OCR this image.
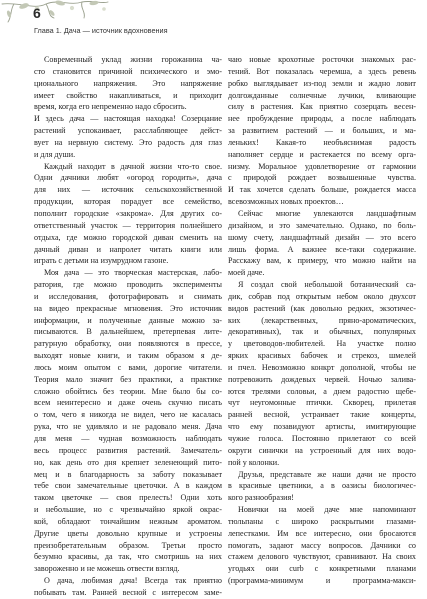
6
Глава 1. Дача — источник вдохновения
Современный уклад жизни горожанина ча-
сто становится причиной психического и эмо-
ционального напряжения. Это напряжение
имеет свойство накапливаться, и приходит
время, когда его непременно надо сбросить.
И здесь дача — настоящая находка! Созерцание
растений успокаивает, расслабляющее дейст-
вует на нервную систему. Это радость для глаз
и для души.
Каждый находит в дачной жизни что-то свое.
Одни дачники любят «огород городить», дача
для них — источник сельскохозяйственной
продукции, которая порадует все семейство,
пополнит городские «закрома». Для других со-
ответственный участок — территория полнейшего
отдыха, где можно городской диван сменить на
дачный диван и напролет читать книги или
играть с детьми на изумрудном газоне.
Моя дача — это творческая мастерская, лабо-
ратория, где можно проводить эксперименты
и исследования, фотографировать и снимать
на видео прекрасные мгновения. Это источник
информации, и полученные данные можно за-
писываются. В дальнейшем, претерпевая лите-
ратурную обработку, они появляются в прессе,
выходят новые книги, и таким образом я де-
люсь моим опытом с вами, дорогие читатели.
Теория мало значит без практики, а практике
сложно обойтись без теории. Мне было бы со-
всем неинтересно и даже очень скучно писать
о том, чего я никогда не видел, чего не касалась
рука, что не удивляло и не радовало меня. Дача
для меня — чудная возможность наблюдать
весь процесс развития растений. Замечатель-
но, как день ото дня крепнет зеленеющий пито-
мец и в благодарность за заботу показывает
тебе свои замечательные цветочки. А в каждом
таком цветочке — своя прелесть! Одни хоть
и небольшие, но с чрезвычайно яркой окрас-
кой, обладают тончайшим нежным ароматом.
Другие цветы довольно крупные и устроены
преизобретательным образом. Третьи просто
безумно красивы, да так, что смотришь на них
завороженно и не можешь отвести взгляд.
О дача, любимая дача! Всегда так приятно
побывать там. Ранней весной с интересом заме-
чаю новые крохотные росточки знакомых рас-
тений. Вот показалась черемша, а здесь ревень
робко выглядывает из-под земли и жадно ловит
долгожданные солнечные лучики, вливающие
силу в растения. Как приятно созерцать весен-
нее пробуждение природы, а после наблюдать
за развитием растений — и больших, и ма-
леньких! Какая-то необъяснимая радость
наполняет сердце и растекается по всему орга-
низму. Моральное удовлетворение от гармонии
с природой рождает возвышенные чувства.
И так хочется сделать больше, рождается масса
всевозможных новых проектов…
Сейчас многие увлекаются ландшафтным
дизайном, и это замечательно. Однако, по боль-
шому счету, ландшафтный дизайн — это всего
лишь форма. А важнее все-таки содержание.
Расскажу вам, к примеру, что можно найти на
моей даче.
Я создал свой небольшой ботанический са-
дик, собрав под открытым небом около двухсот
видов растений (как довольно редких, экзотичес-
ких (лекарственных, пряно-ароматических,
декоративных), так и обычных, популярных
у цветоводов-любителей. На участке полно
ярких красивых бабочек и стрекоз, шмелей
и пчел. Невозможно конкрт дополной, чтобы не
потревожить дождевых червей. Ночью залива-
ются трелями соловьи, а днем радостно щебе-
чут неугомонные птички. Скворец, прилетая
ранней весной, устраивает такие концерты,
что ему позавидуют артисты, имитирующие
чужие голоса. Постоянно прилетают со всей
округи синички на устроенный для них водо-
пой у колонки.
Друзья, представьте же наши дачи не просто
в красивые цветники, а в оазисы биологичес-
кого разнообразия!
Новички на моей даче мне напоминают
тюльпаны с широко раскрытыми глазами-
лепестками. Им все интересно, они бросаются
помогать, задают массу вопросов. Дачники со
стажем делового чувствуют, сравнивают. На своих
угодьях они curb с конкретными планами
(программа-минимум и программа-макси-
